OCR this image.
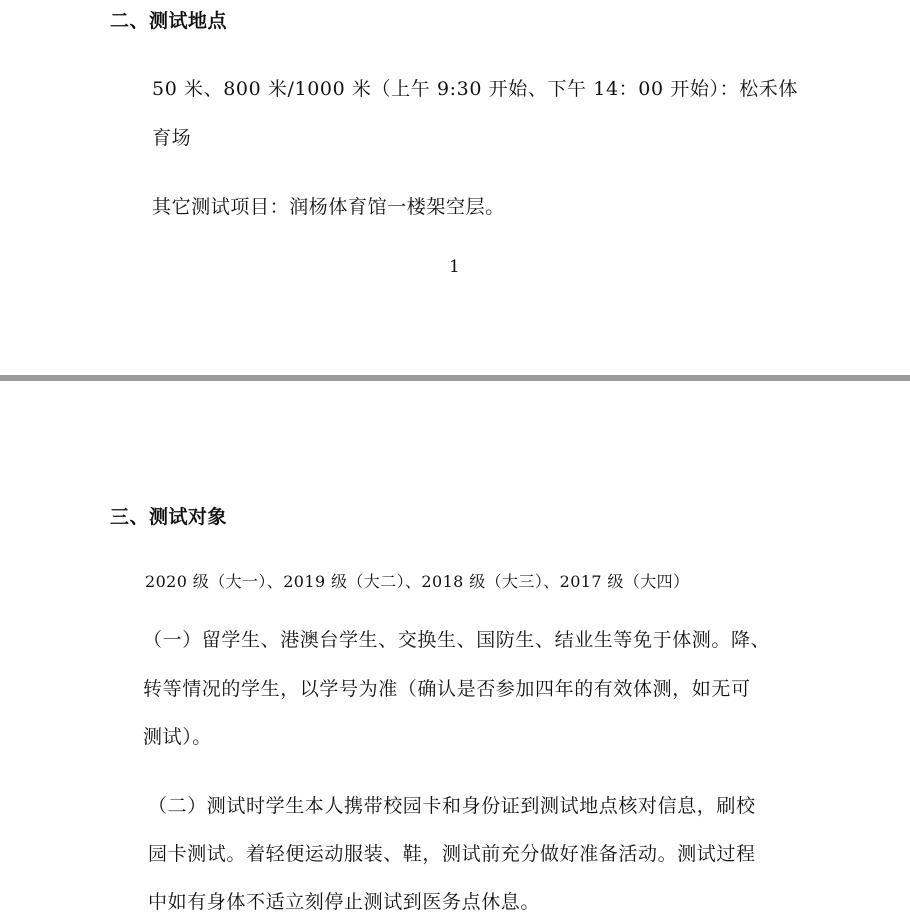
二、测试地点
50 米、800 米/1000 米（上午 9:30 开始、下午 14：00 开始）：松禾体
育场
其它测试项目：润杨体育馆一楼架空层。
1
三、测试对象
2020 级（大一）、2019 级（大二）、2018 级（大三）、2017 级（大四）
（一）留学生、港澳台学生、交换生、国防生、结业生等免于体测。降、
转等情况的学生，以学号为准（确认是否参加四年的有效体测，如无可
测试）。
（二）测试时学生本人携带校园卡和身份证到测试地点核对信息，刷校
园卡测试。着轻便运动服装、鞋，测试前充分做好准备活动。测试过程
中如有身体不适立刻停止测试到医务点休息。
